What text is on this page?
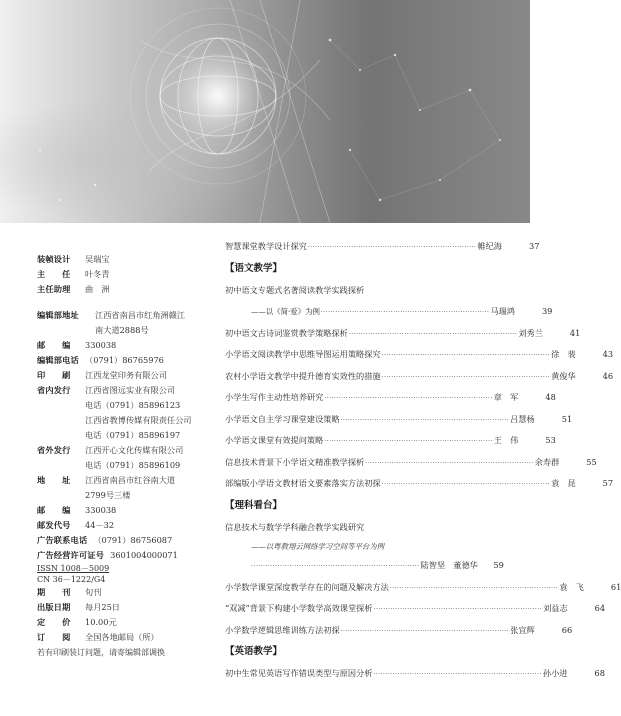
装帧设计	吴瑞宝
主　　任	叶冬青
主任助理	曲　洲
编辑部地址	江西省南昌市红角洲赣江
南大道2888号
邮　　编	330038
编辑部电话 （0791）86765976
印　　刷	江西龙堂印务有限公司
省内发行	江西省图远实业有限公司
电话（0791）85896123
江西省教博传媒有限责任公司
电话（0791）85896197
省外发行	江西开心文化传媒有限公司
电话（0791）85896109
地　　址	江西省南昌市红谷南大道
2799号三楼
邮　　编	330038
邮发代号	44－32
广告联系电话 （0791）86756087
广告经营许可证号 3601004000071
ISSN 1008－5009
CN 36－1222/G4
期　　刊	旬刊
出版日期	每月25日
定　　价	10.00元
订　　阅	全国各地邮局（所）
若有印刷装订问题，请寄编辑部调换
智慧课堂教学设计探究 ······································································ 帷纪海	37
【语文教学】
初中语文专题式名著阅读教学实践探析
——以《简·爱》为例 ······································································ 马瑞鸿	39
初中语文古诗词鉴赏教学策略探析 ······································································ 刘秀兰	41
小学语文阅读教学中思维导图运用策略探究 ······································································ 徐　裴	43
农村小学语文教学中提升德育实效性的措施 ······································································ 黄俊华	46
小学生写作主动性培养研究 ······································································ 章　军	48
小学语文自主学习课堂建设策略 ······································································ 吕慧杨	51
小学语文课堂有效提问策略 ······································································ 王　伟	53
信息技术背景下小学语文精准教学探析 ······································································ 余寿群	55
部编版小学语文教材语文要素落实方法初探 ······································································ 袁　昆	57
【理科看台】
信息技术与数学学科融合教学实践研究
——以粤教翔云网络学习空间等平台为例
······································································ 陆智坚　董德华	59
小学数学课堂深度教学存在的问题及解决方法 ······································································ 袁　飞	61
“双减”背景下构建小学数学高效课堂探析 ······································································ 刘益志	64
小学数学逻辑思维训练方法初探 ······································································ 张宜辉	66
【英语教学】
初中生常见英语写作错误类型与原因分析 ······································································ 孙小进	68
